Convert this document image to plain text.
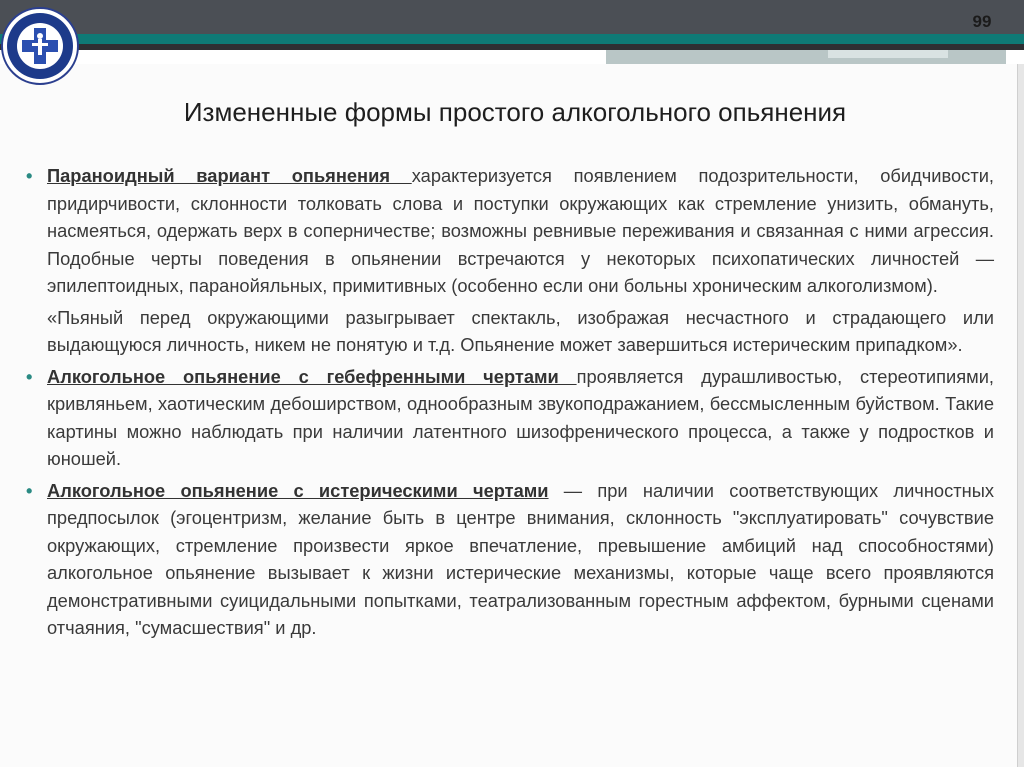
99
Измененные формы простого алкогольного опьянения

• Параноидный вариант опьянения характеризуется появлением подозрительности, обидчивости, придирчивости, склонности толковать слова и поступки окружающих как стремление унизить, обмануть, насмеяться, одержать верх в соперничестве; возможны ревнивые переживания и связанная с ними агрессия. Подобные черты поведения в опьянении встречаются у некоторых психопатических личностей — эпилептоидных, паранойяльных, примитивных (особенно если они больны хроническим алкоголизмом).

«Пьяный перед окружающими разыгрывает спектакль, изображая несчастного и страдающего или выдающуюся личность, никем не понятую и т.д. Опьянение может завершиться истерическим припадком».

• Алкогольное опьянение с гебефренными чертами проявляется дурашливостью, стереотипиями, кривляньем, хаотическим дебоширством, однообразным звукоподражанием, бессмысленным буйством. Такие картины можно наблюдать при наличии латентного шизофренического процесса, а также у подростков и юношей.

• Алкогольное опьянение с истерическими чертами — при наличии соответствующих личностных предпосылок (эгоцентризм, желание быть в центре внимания, склонность "эксплуатировать" сочувствие окружающих, стремление произвести яркое впечатление, превышение амбиций над способностями) алкогольное опьянение вызывает к жизни истерические механизмы, которые чаще всего проявляются демонстративными суицидальными попытками, театрализованным горестным аффектом, бурными сценами отчаяния, "сумасшествия" и др.
